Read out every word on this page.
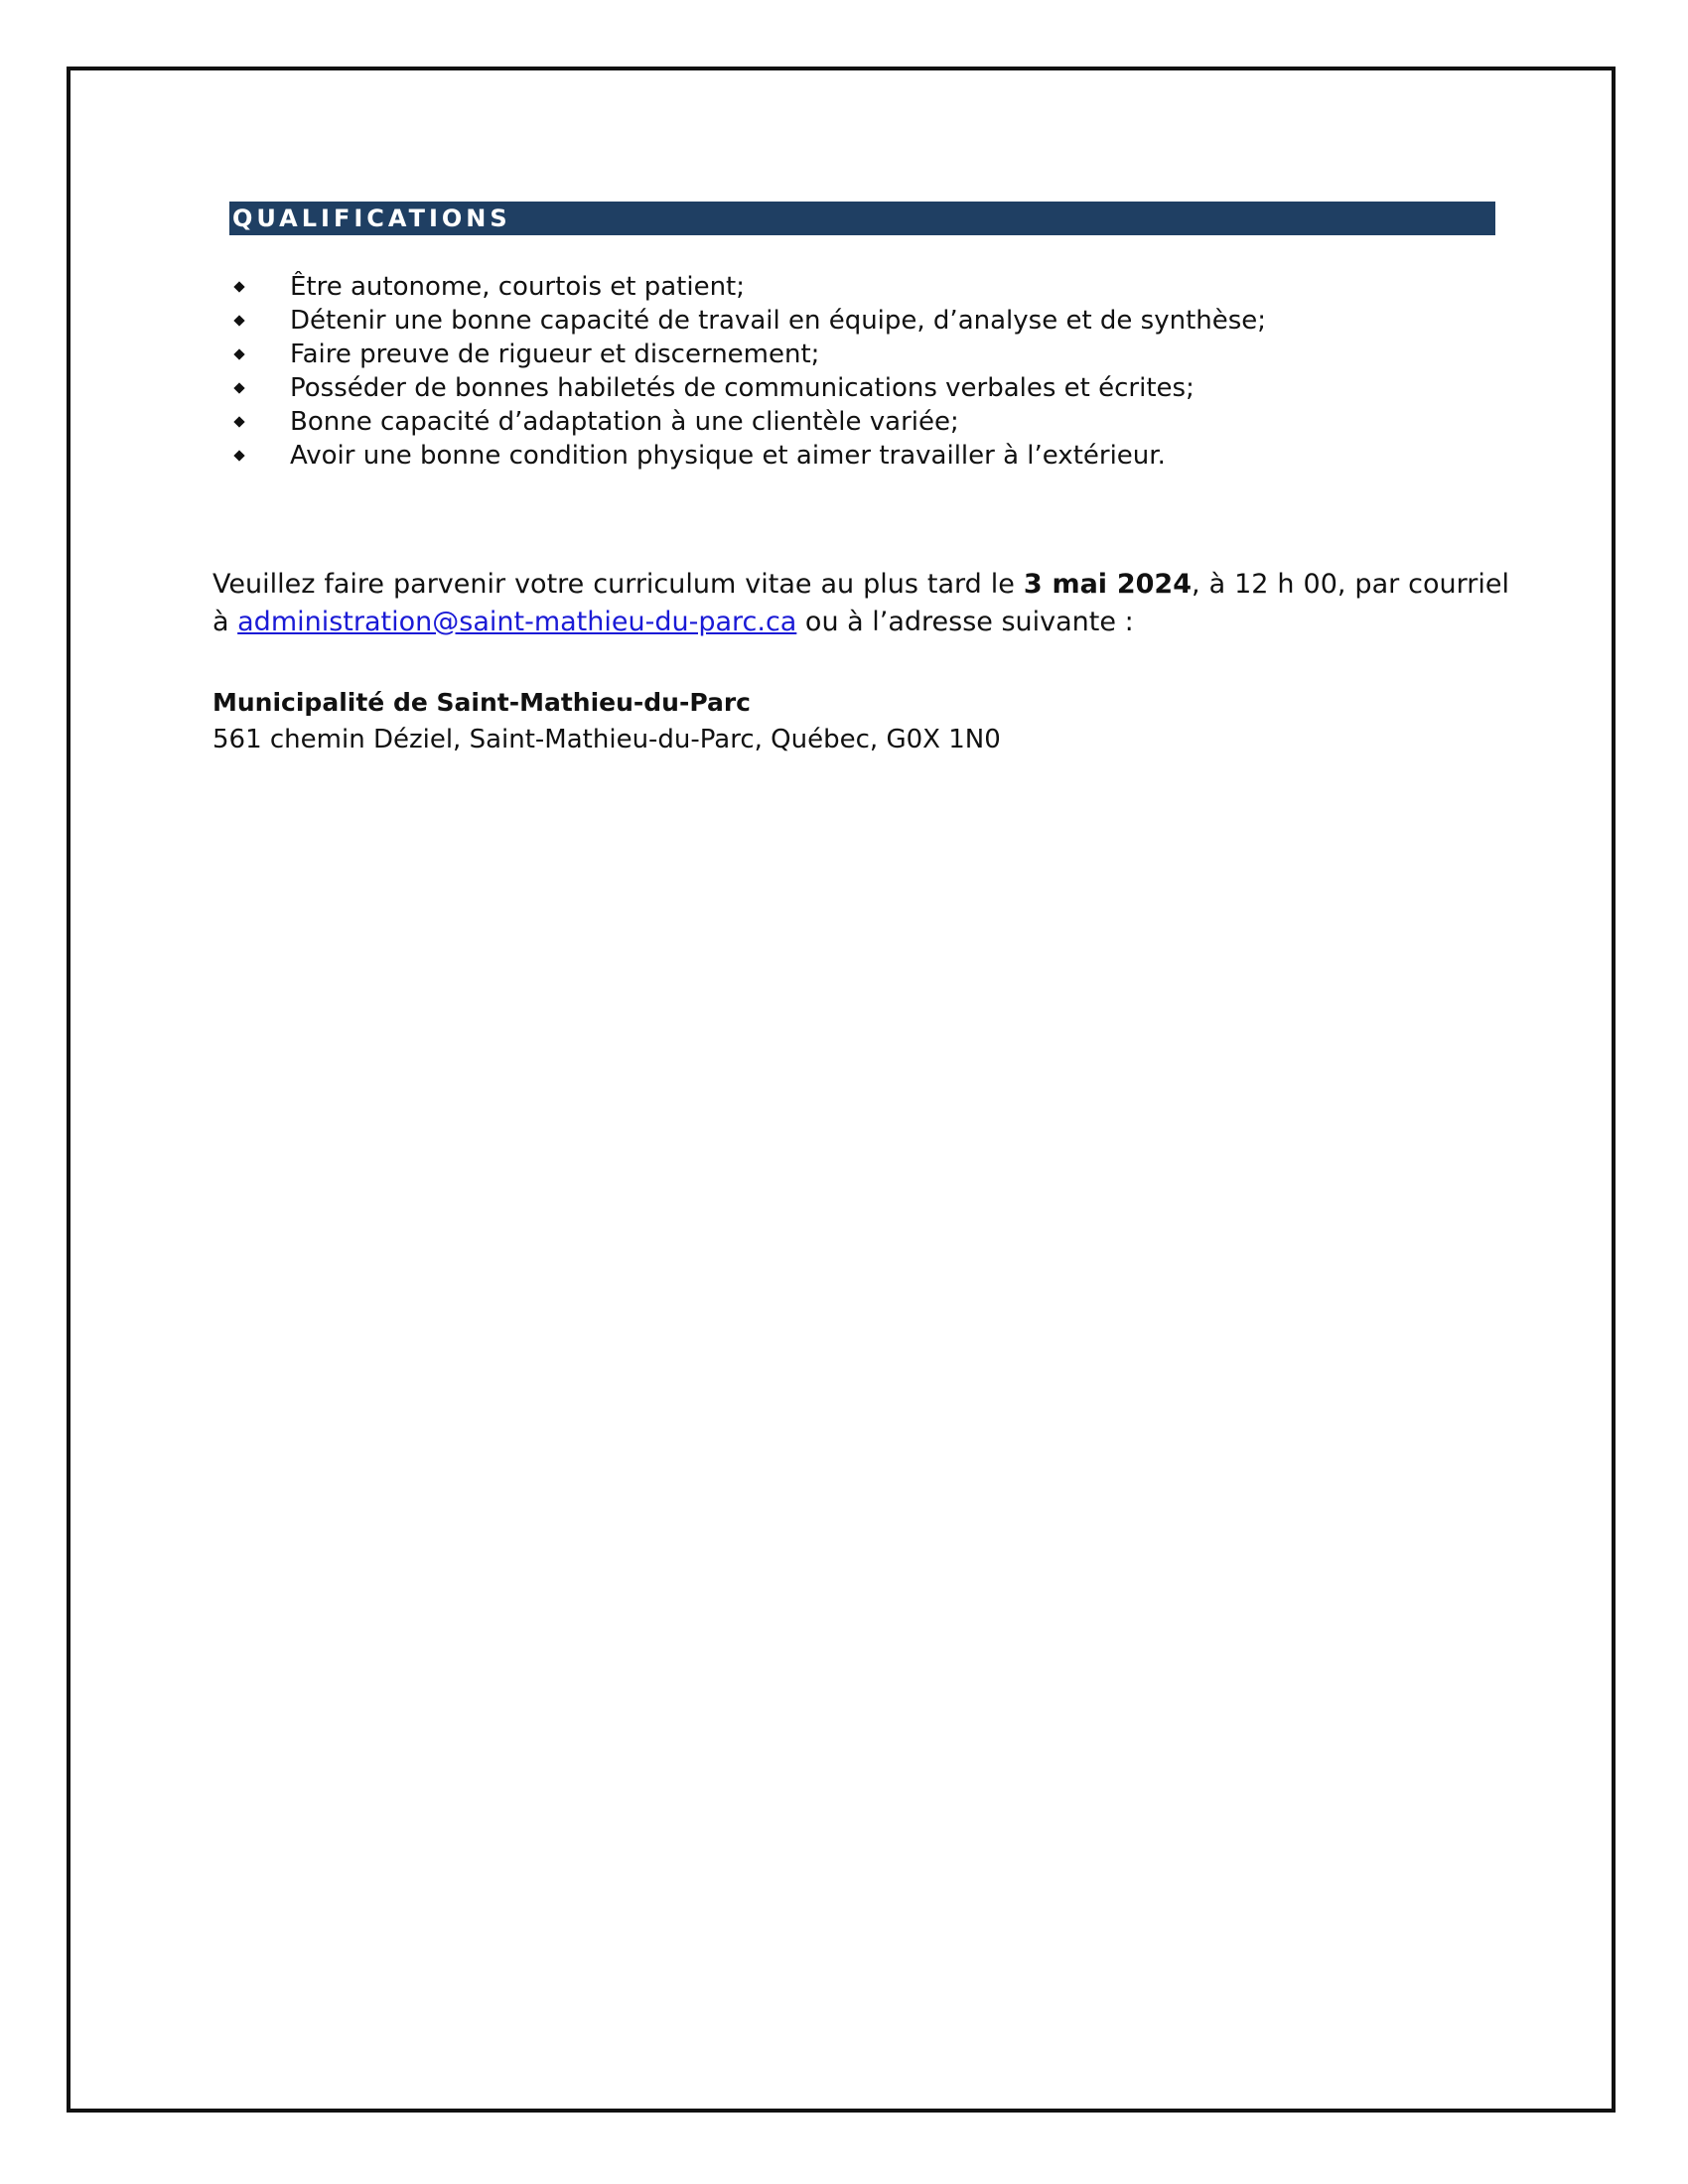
QUALIFICATIONS
Être autonome, courtois et patient;
Détenir une bonne capacité de travail en équipe, d’analyse et de synthèse;
Faire preuve de rigueur et discernement;
Posséder de bonnes habiletés de communications verbales et écrites;
Bonne capacité d’adaptation à une clientèle variée;
Avoir une bonne condition physique et aimer travailler à l’extérieur.

Veuillez faire parvenir votre curriculum vitae au plus tard le 3 mai 2024, à 12 h 00, par courriel à administration@saint-mathieu-du-parc.ca ou à l’adresse suivante :

Municipalité de Saint-Mathieu-du-Parc

561 chemin Déziel, Saint-Mathieu-du-Parc, Québec, G0X 1N0
